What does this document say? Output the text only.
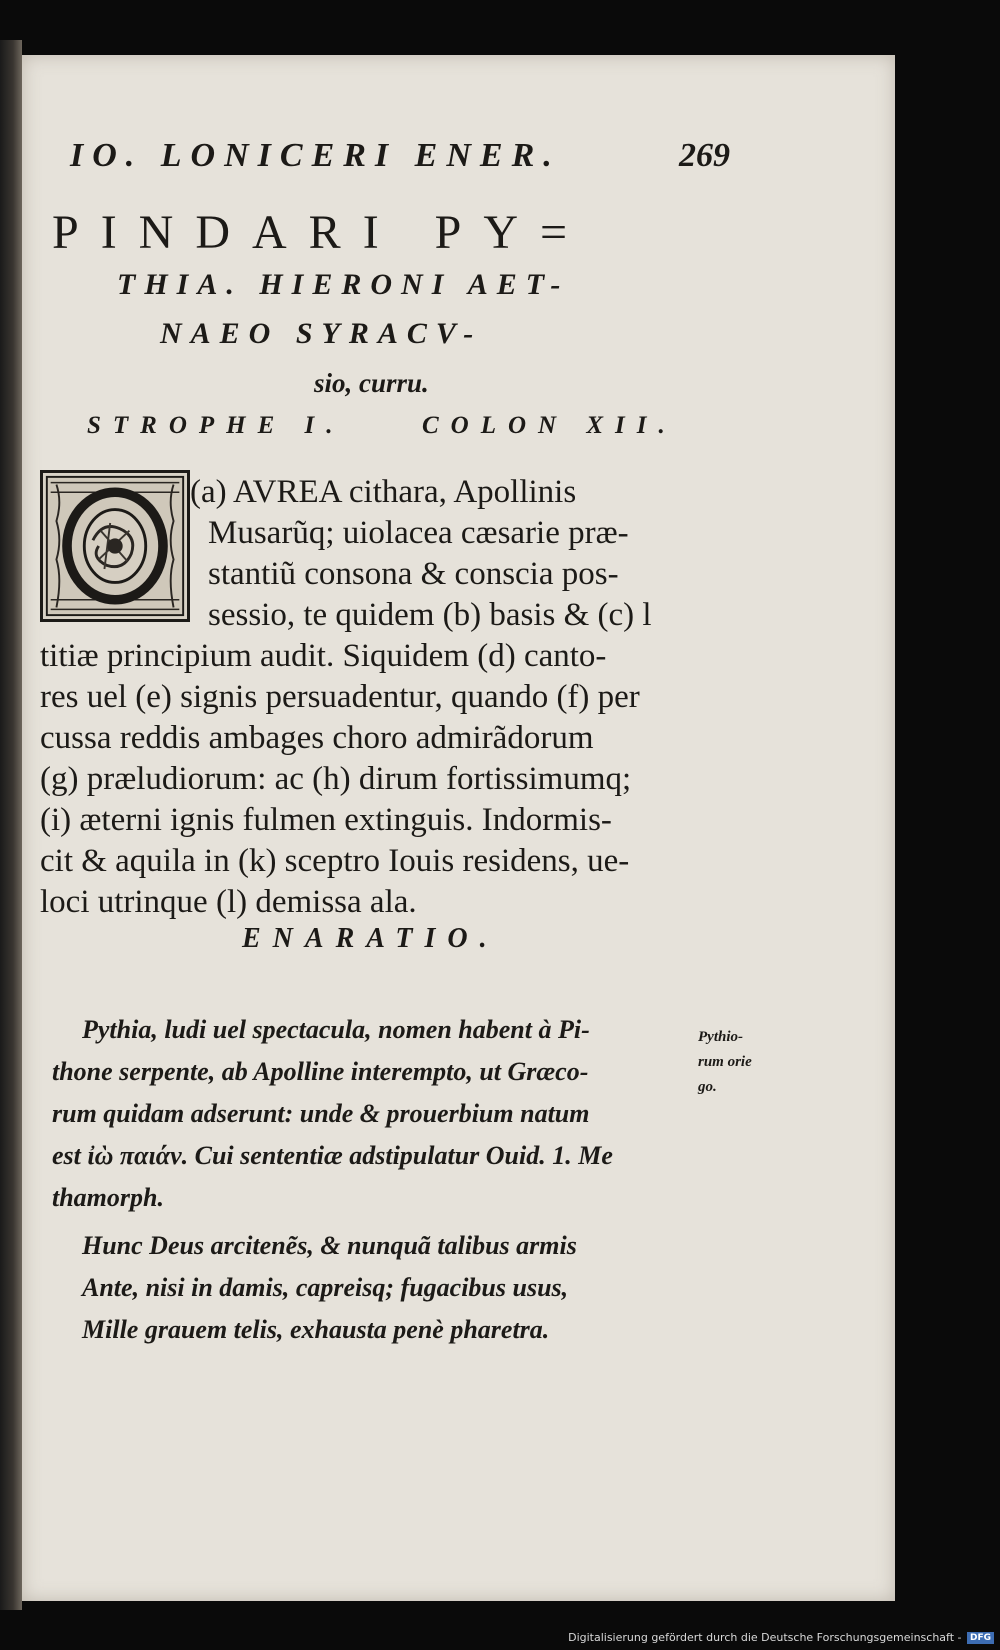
IO. LONICERI ENER.	269
PINDARI PY=
THIA. HIERONI AET-
NAEO SYRACV-
sio, curru.
STROPHE I.	COLON XII.
(a) AVREA cithara, Apollinis
Musarũq; uiolacea cæsarie præ-
stantiũ consona & conscia pos-
sessio, te quidem (b) basis & (c) l
titiæ principium audit. Siquidem (d) canto-
res uel (e) signis persuadentur, quando (f) per
cussa reddis ambages choro admirãdorum
(g) præludiorum: ac (h) dirum fortissimumq;
(i) æterni ignis fulmen extinguis. Indormis-
cit & aquila in (k) sceptro Iouis residens, ue-
loci utrinque (l) demissa ala.
ENARATIO.
Pythia, ludi uel spectacula, nomen habent à Pi-
thone serpente, ab Apolline interempto, ut Græco-
rum quidam adserunt: unde & prouerbium natum
est ἰὼ παιάν. Cui sententiæ adstipulatur Ouid. 1. Me
thamorph.
Hunc Deus arcitenẽs, & nunquã talibus armis
Ante, nisi in damis, capreisq; fugacibus usus,
Mille grauem telis, exhausta penè pharetra.
Pythio-
rum orie
go.
Digitalisierung gefördert durch die Deutsche Forschungsgemeinschaft - DFG
